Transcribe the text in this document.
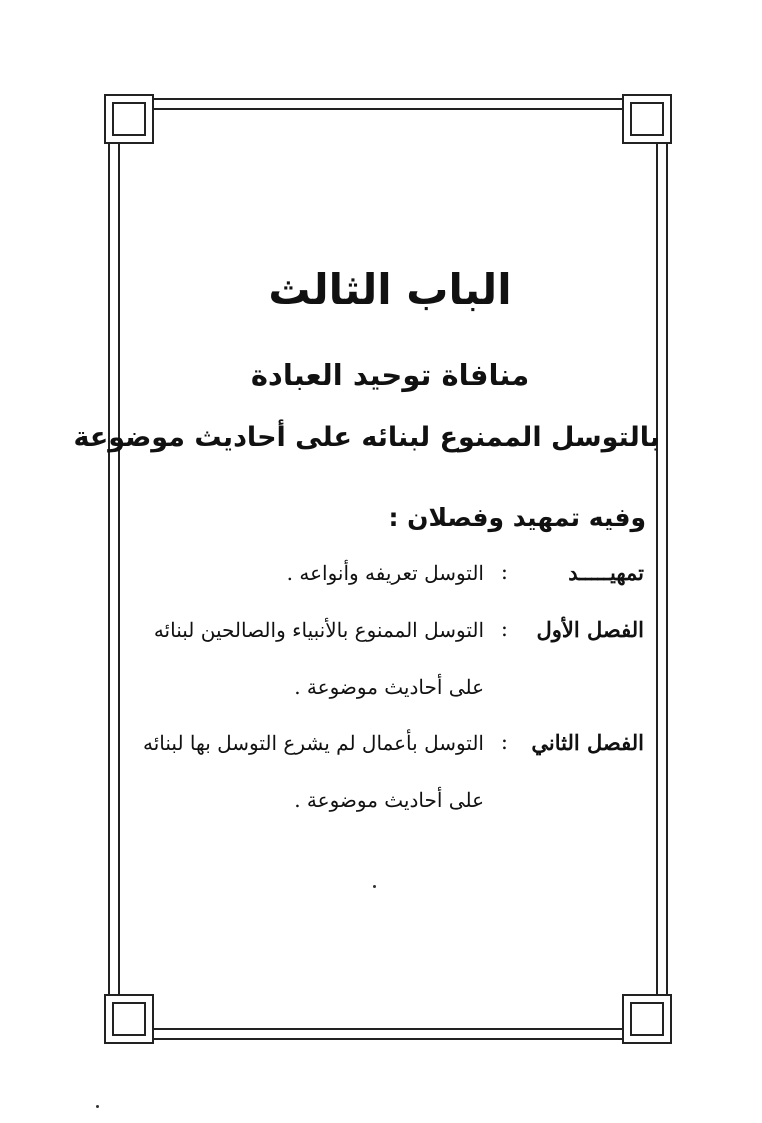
الباب الثالث
منافاة توحيد العبادة
بالتوسل الممنوع لبنائه على أحاديث موضوعة
وفيه تمهيد وفصلان :
تمهيـــــد
:
التوسل تعريفه وأنواعه .
الفصل الأول
:
التوسل الممنوع بالأنبياء والصالحين لبنائه
على أحاديث موضوعة .
الفصل الثاني
:
التوسل بأعمال لم يشرع التوسل بها لبنائه
على أحاديث موضوعة .
